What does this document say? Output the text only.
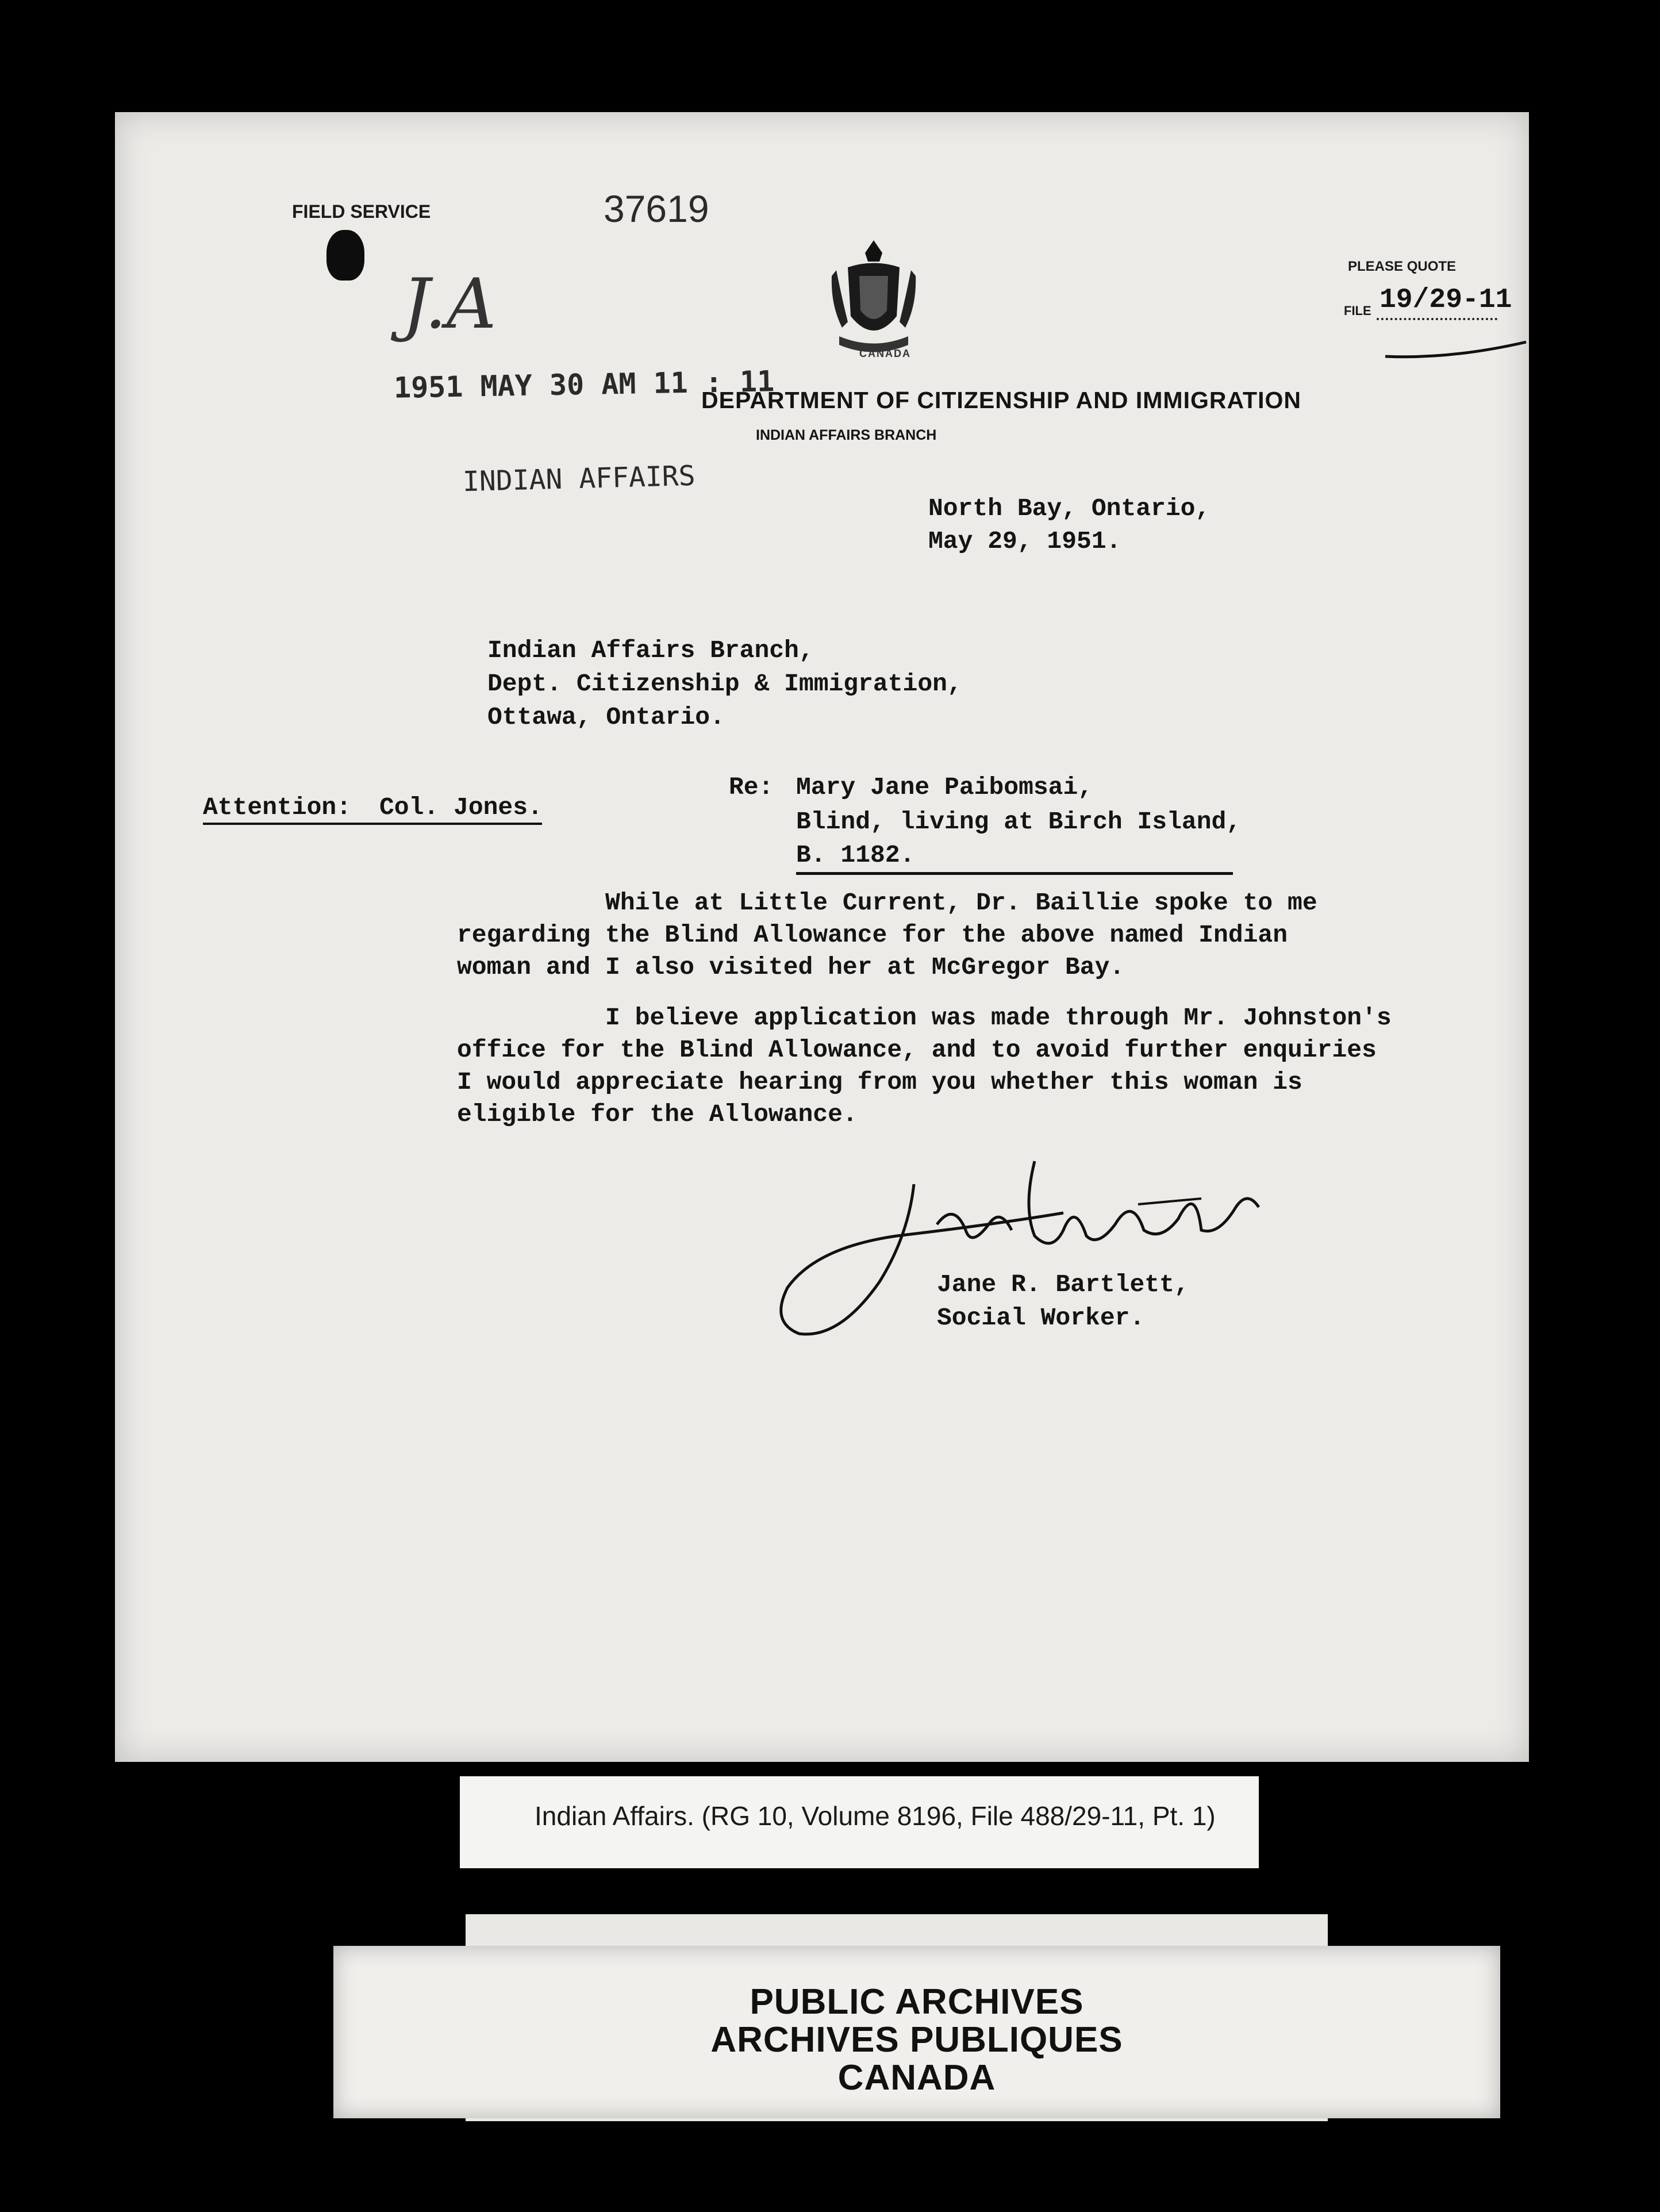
FIELD SERVICE	37619
J.A
CANADA
PLEASE QUOTE
FILE 19/29-11
1951 MAY 30 AM 11 : 11
DEPARTMENT OF CITIZENSHIP AND IMMIGRATION
INDIAN AFFAIRS BRANCH
INDIAN AFFAIRS
North Bay, Ontario,
May 29, 1951.
Indian Affairs Branch,
Dept. Citizenship & Immigration,
Ottawa, Ontario.
Re: Mary Jane Paibomsai,
Blind, living at Birch Island,
B. 1182.
Attention: Col. Jones.
While at Little Current, Dr. Baillie spoke to me
regarding the Blind Allowance for the above named Indian
woman and I also visited her at McGregor Bay.
I believe application was made through Mr. Johnston's
office for the Blind Allowance, and to avoid further enquiries
I would appreciate hearing from you whether this woman is
eligible for the Allowance.
Jane R. Bartlett,
Social Worker.
Indian Affairs. (RG 10, Volume 8196, File 488/29-11, Pt. 1)
PUBLIC ARCHIVES
ARCHIVES PUBLIQUES
CANADA
